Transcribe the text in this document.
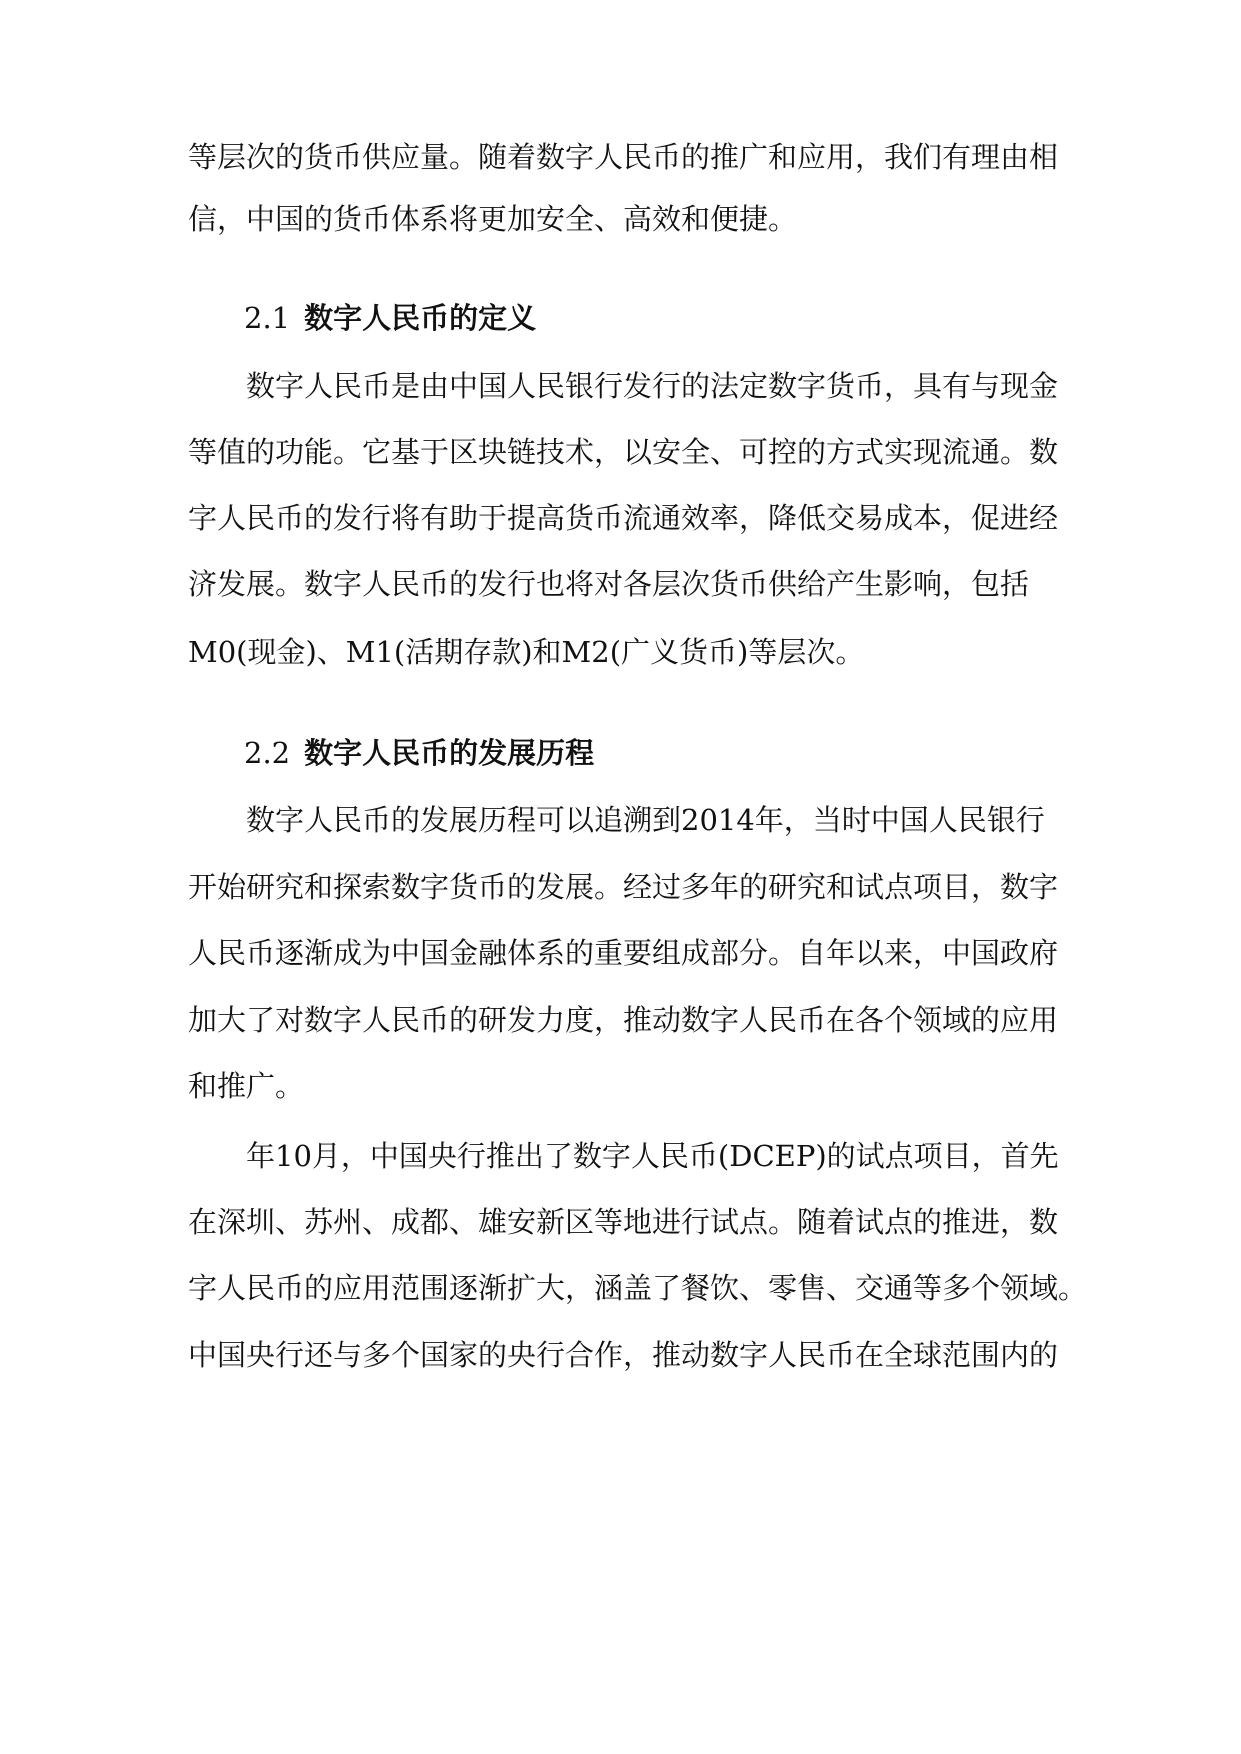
等层次的货币供应量。随着数字人民币的推广和应用，我们有理由相
信，中国的货币体系将更加安全、高效和便捷。
2.1 数字人民币的定义
数字人民币是由中国人民银行发行的法定数字货币，具有与现金
等值的功能。它基于区块链技术，以安全、可控的方式实现流通。数
字人民币的发行将有助于提高货币流通效率，降低交易成本，促进经
济发展。数字人民币的发行也将对各层次货币供给产生影响，包括
M0(现金)、M1(活期存款)和M2(广义货币)等层次。
2.2 数字人民币的发展历程
数字人民币的发展历程可以追溯到2014年，当时中国人民银行
开始研究和探索数字货币的发展。经过多年的研究和试点项目，数字
人民币逐渐成为中国金融体系的重要组成部分。自年以来，中国政府
加大了对数字人民币的研发力度，推动数字人民币在各个领域的应用
和推广。
年10月，中国央行推出了数字人民币(DCEP)的试点项目，首先
在深圳、苏州、成都、雄安新区等地进行试点。随着试点的推进，数
字人民币的应用范围逐渐扩大，涵盖了餐饮、零售、交通等多个领域。
中国央行还与多个国家的央行合作，推动数字人民币在全球范围内的
